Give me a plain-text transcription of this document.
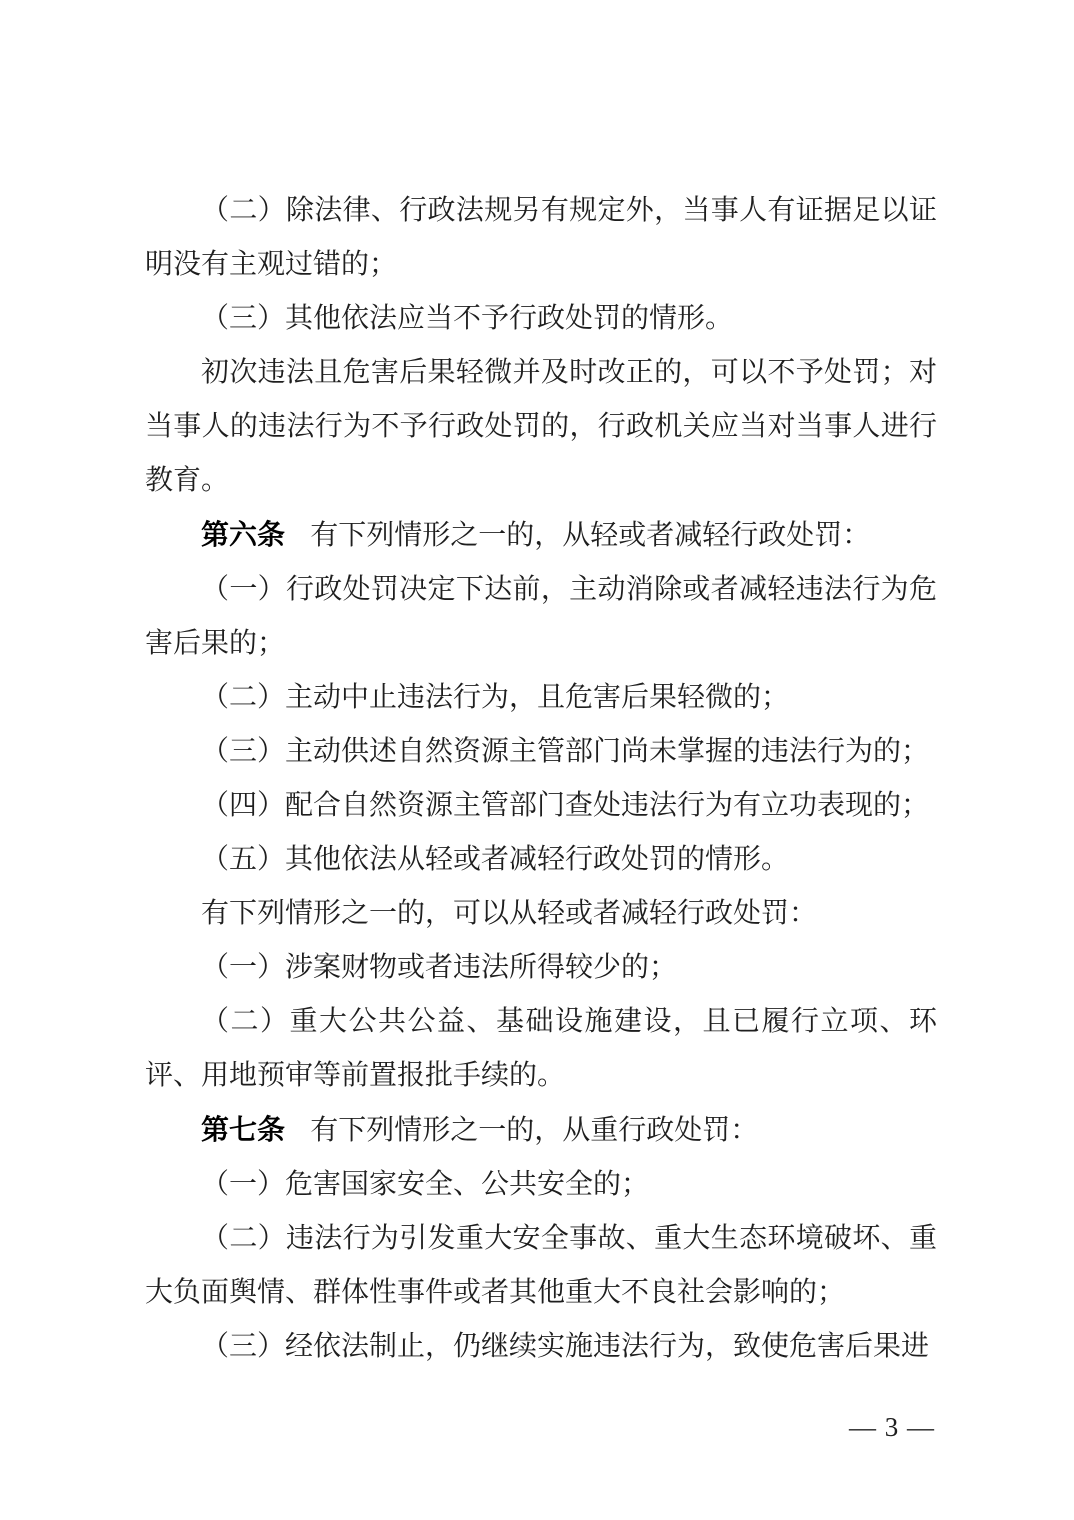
（二）除法律、行政法规另有规定外，当事人有证据足以证明没有主观过错的；

（三）其他依法应当不予行政处罚的情形。

初次违法且危害后果轻微并及时改正的，可以不予处罚；对当事人的违法行为不予行政处罚的，行政机关应当对当事人进行教育。

第六条 有下列情形之一的，从轻或者减轻行政处罚：

（一）行政处罚决定下达前，主动消除或者减轻违法行为危害后果的；

（二）主动中止违法行为，且危害后果轻微的；

（三）主动供述自然资源主管部门尚未掌握的违法行为的；

（四）配合自然资源主管部门查处违法行为有立功表现的；

（五）其他依法从轻或者减轻行政处罚的情形。

有下列情形之一的，可以从轻或者减轻行政处罚：

（一）涉案财物或者违法所得较少的；

（二）重大公共公益、基础设施建设，且已履行立项、环评、用地预审等前置报批手续的。

第七条 有下列情形之一的，从重行政处罚：

（一）危害国家安全、公共安全的；

（二）违法行为引发重大安全事故、重大生态环境破坏、重大负面舆情、群体性事件或者其他重大不良社会影响的；

（三）经依法制止，仍继续实施违法行为，致使危害后果进

— 3 —
